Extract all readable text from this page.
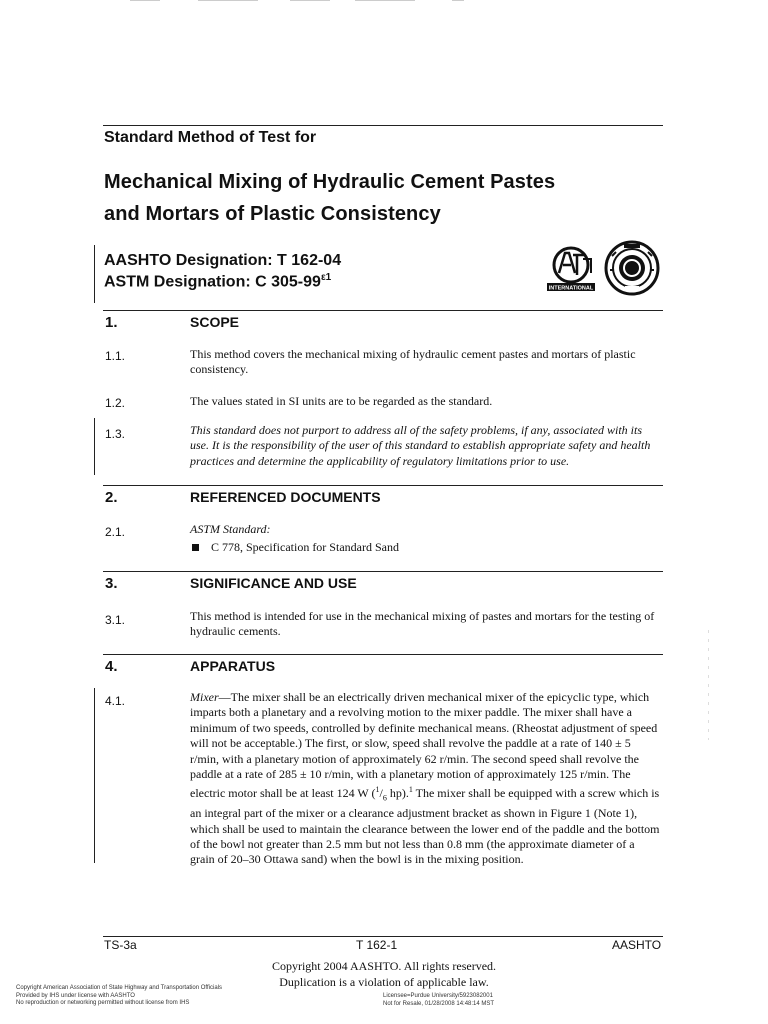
Standard Method of Test for
Mechanical Mixing of Hydraulic Cement Pastes
and Mortars of Plastic Consistency
AASHTO Designation: T 162-04
ASTM Designation: C $305-99^{\varepsilon 1}$
INTERNATIONAL
1.	SCOPE
1.1.	This method covers the mechanical mixing of hydraulic cement pastes and mortars of plastic consistency.
1.2.	The values stated in SI units are to be regarded as the standard.
1.3.	This standard does not purport to address all of the safety problems, if any, associated with its use. It is the responsibility of the user of this standard to establish appropriate safety and health practices and determine the applicability of regulatory limitations prior to use.
2.	REFERENCED DOCUMENTS
2.1.	ASTM Standard:
C 778, Specification for Standard Sand
3.	SIGNIFICANCE AND USE
3.1.	This method is intended for use in the mechanical mixing of pastes and mortars for the testing of hydraulic cements.
4.	APPARATUS
4.1.	Mixer—The mixer shall be an electrically driven mechanical mixer of the epicyclic type, which imparts both a planetary and a revolving motion to the mixer paddle. The mixer shall have a minimum of two speeds, controlled by definite mechanical means. (Rheostat adjustment of speed will not be acceptable.) The first, or slow, speed shall revolve the paddle at a rate of 140 ± 5 r/min, with a planetary motion of approximately 62 r/min. The second speed shall revolve the paddle at a rate of 285 ± 10 r/min, with a planetary motion of approximately 125 r/min. The electric motor shall be at least 124 W ($^1/_6$ hp).$^1$ The mixer shall be equipped with a screw which is an integral part of the mixer or a clearance adjustment bracket as shown in Figure 1 (Note 1), which shall be used to maintain the clearance between the lower end of the paddle and the bottom of the bowl not greater than 2.5 mm but not less than 0.8 mm (the approximate diameter of a grain of 20–30 Ottawa sand) when the bowl is in the mixing position.
TS-3a	T 162-1	AASHTO
Copyright 2004 AASHTO. All rights reserved.
Duplication is a violation of applicable law.
Copyright American Association of State Highway and Transportation Officials
Provided by IHS under license with AASHTO
No reproduction or networking permitted without license from IHS
Licensee=Purdue University/5923082001
Not for Resale, 01/28/2008 14:48:14 MST
